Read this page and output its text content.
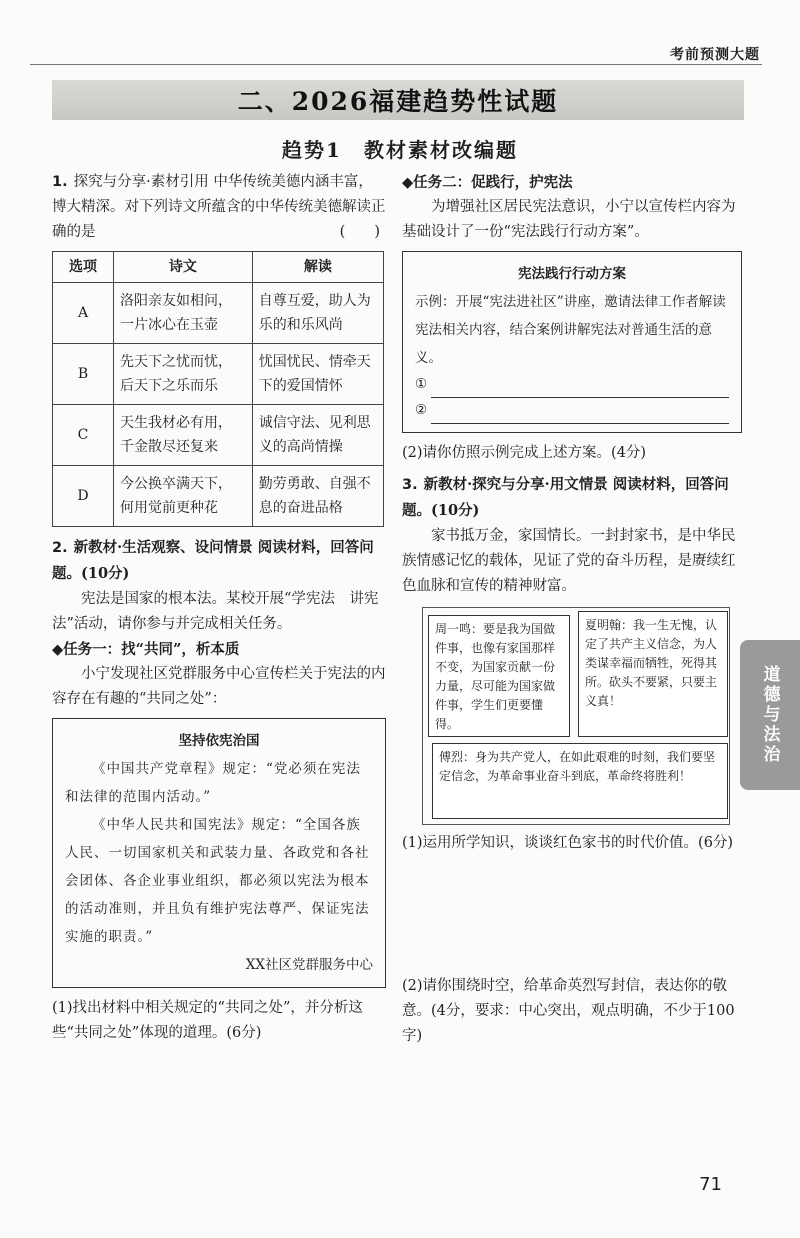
考前预测大题
二、2026福建趋势性试题
趋势1　教材素材改编题

1. 探究与分享·素材引用 中华传统美德内涵丰富，博大精深。对下列诗文所蕴含的中华传统美德解读正确的是	(　　)

选项	诗文	解读
A	洛阳亲友如相问，一片冰心在玉壶	自尊互爱，助人为乐的和乐风尚
B	先天下之忧而忧，后天下之乐而乐	忧国忧民、情牵天下的爱国情怀
C	天生我材必有用，千金散尽还复来	诚信守法、见利思义的高尚情操
D	今公换卒满天下，何用觉前更种花	勤劳勇敢、自强不息的奋进品格

2. 新教材·生活观察、设问情景 阅读材料，回答问题。(10分)

宪法是国家的根本法。某校开展“学宪法　讲宪法”活动，请你参与并完成相关任务。

◆任务一：找“共同”，析本质

小宁发现社区党群服务中心宣传栏关于宪法的内容存在有趣的“共同之处”：

坚持依宪治国

《中国共产党章程》规定：“党必须在宪法和法律的范围内活动。”

《中华人民共和国宪法》规定：“全国各族人民、一切国家机关和武装力量、各政党和各社会团体、各企业事业组织，都必须以宪法为根本的活动准则，并且负有维护宪法尊严、保证宪法实施的职责。”

XX社区党群服务中心

(1)找出材料中相关规定的“共同之处”，并分析这些“共同之处”体现的道理。(6分)

◆任务二：促践行，护宪法

为增强社区居民宪法意识，小宁以宣传栏内容为基础设计了一份“宪法践行行动方案”。

宪法践行行动方案

示例：开展“宪法进社区”讲座，邀请法律工作者解读宪法相关内容，结合案例讲解宪法对普通生活的意义。

①
②

(2)请你仿照示例完成上述方案。(4分)

3. 新教材·探究与分享·用文情景 阅读材料，回答问题。(10分)

家书抵万金，家国情长。一封封家书，是中华民族情感记忆的载体，见证了党的奋斗历程，是赓续红色血脉和宣传的精神财富。

周一鸣：要是我为国做件事，也像有家国那样不变，为国家贡献一份力量，尽可能为国家做件事，学生们更要懂得。
夏明翰：我一生无愧，认定了共产主义信念，为人类谋幸福而牺牲，死得其所。砍头不要紧，只要主义真！
傅烈：身为共产党人，在如此艰难的时刻，我们要坚定信念，为革命事业奋斗到底，革命终将胜利！

(1)运用所学知识，谈谈红色家书的时代价值。(6分)

(2)请你围绕时空，给革命英烈写封信，表达你的敬意。(4分，要求：中心突出，观点明确，不少于100字)

道德与法治
71
